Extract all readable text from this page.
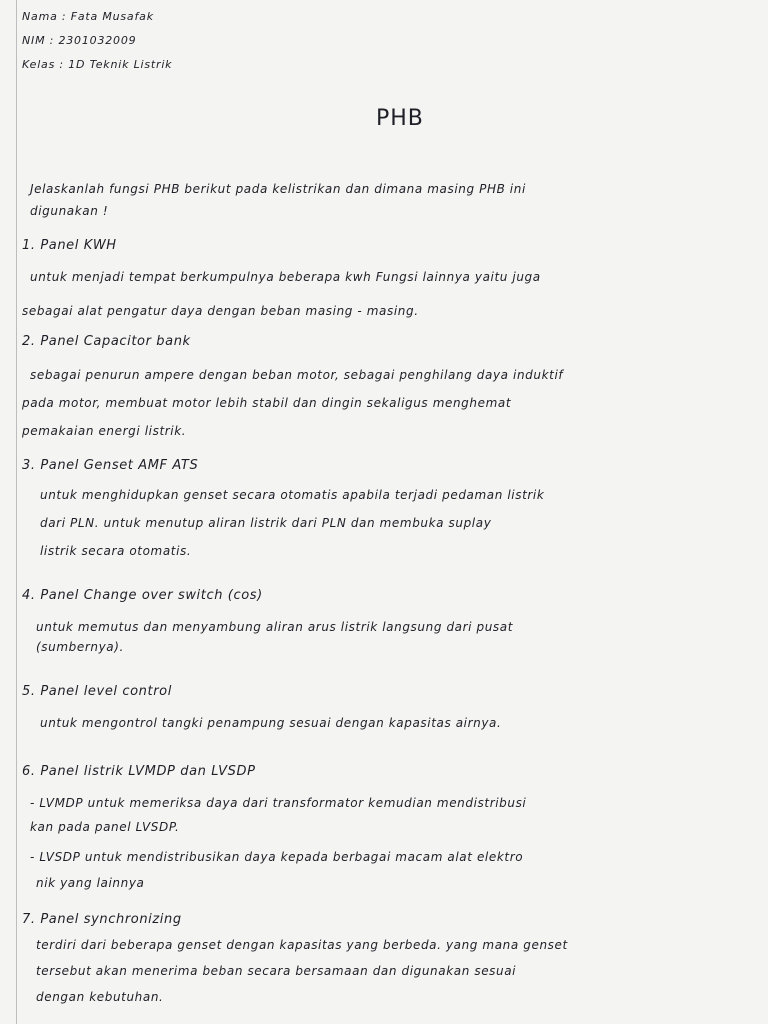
Nama : Fata Musafak
NIM : 2301032009
Kelas : 1D Teknik Listrik
PHB
Jelaskanlah fungsi PHB berikut pada kelistrikan dan dimana masing PHB ini
digunakan !
1. Panel KWH
untuk menjadi tempat berkumpulnya beberapa kwh Fungsi lainnya yaitu juga
sebagai alat pengatur daya dengan beban masing - masing.
2. Panel Capacitor bank
sebagai penurun ampere dengan beban motor, sebagai penghilang daya induktif
pada motor, membuat motor lebih stabil dan dingin sekaligus menghemat
pemakaian energi listrik.
3. Panel Genset AMF ATS
untuk menghidupkan genset secara otomatis apabila terjadi pedaman listrik
dari PLN. untuk menutup aliran listrik dari PLN dan membuka suplay
listrik secara otomatis.
4. Panel Change over switch (cos)
untuk memutus dan menyambung aliran arus listrik langsung dari pusat
(sumbernya).
5. Panel level control
untuk mengontrol tangki penampung sesuai dengan kapasitas airnya.
6. Panel listrik LVMDP dan LVSDP
- LVMDP untuk memeriksa daya dari transformator kemudian mendistribusi
kan pada panel LVSDP.
- LVSDP untuk mendistribusikan daya kepada berbagai macam alat elektro
nik yang lainnya
7. Panel synchronizing
terdiri dari beberapa genset dengan kapasitas yang berbeda. yang mana genset
tersebut akan menerima beban secara bersamaan dan digunakan sesuai
dengan kebutuhan.
